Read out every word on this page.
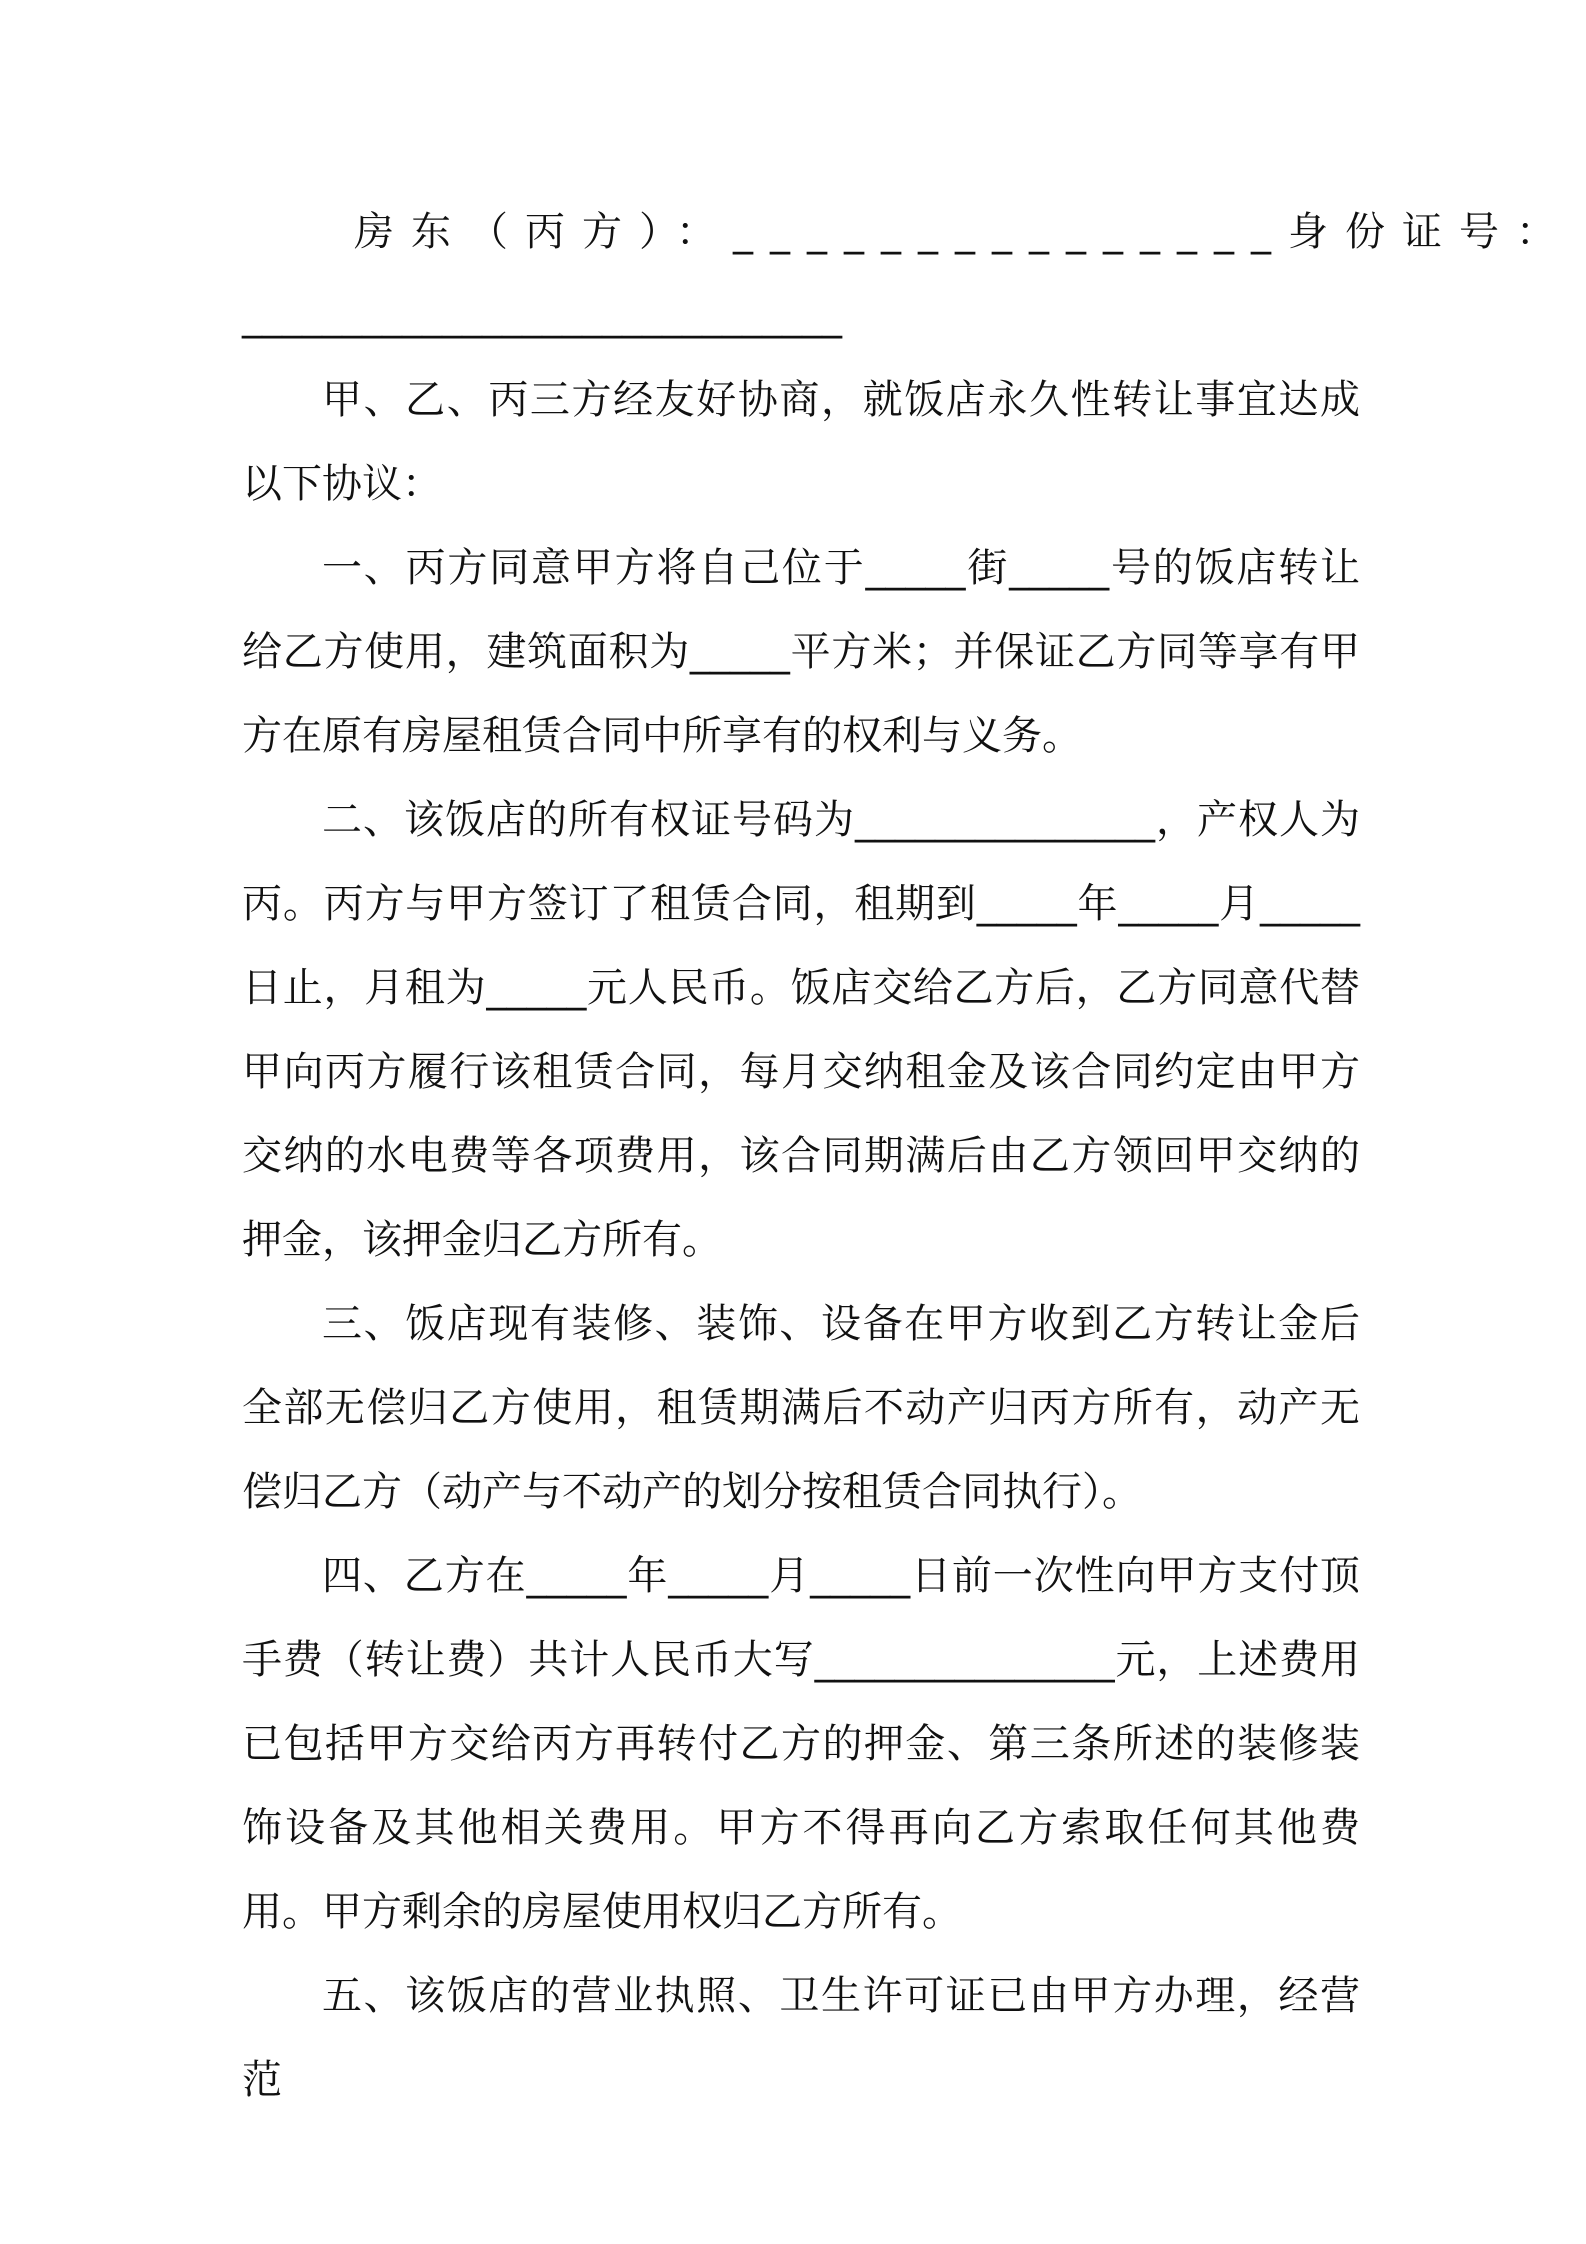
房东（丙方）：_______________身份证号：
______________________________

甲、乙、丙三方经友好协商，就饭店永久性转让事宜达成以下协议：

一、丙方同意甲方将自己位于_____街_____号的饭店转让给乙方使用，建筑面积为_____平方米；并保证乙方同等享有甲方在原有房屋租赁合同中所享有的权利与义务。

二、该饭店的所有权证号码为_______________，产权人为丙。丙方与甲方签订了租赁合同，租期到_____年_____月_____日止，月租为_____元人民币。饭店交给乙方后，乙方同意代替甲向丙方履行该租赁合同，每月交纳租金及该合同约定由甲方交纳的水电费等各项费用，该合同期满后由乙方领回甲交纳的押金，该押金归乙方所有。

三、饭店现有装修、装饰、设备在甲方收到乙方转让金后全部无偿归乙方使用，租赁期满后不动产归丙方所有，动产无偿归乙方（动产与不动产的划分按租赁合同执行）。

四、乙方在_____年_____月_____日前一次性向甲方支付顶手费（转让费）共计人民币大写_______________元，上述费用已包括甲方交给丙方再转付乙方的押金、第三条所述的装修装饰设备及其他相关费用。甲方不得再向乙方索取任何其他费用。甲方剩余的房屋使用权归乙方所有。

五、该饭店的营业执照、卫生许可证已由甲方办理，经营范
